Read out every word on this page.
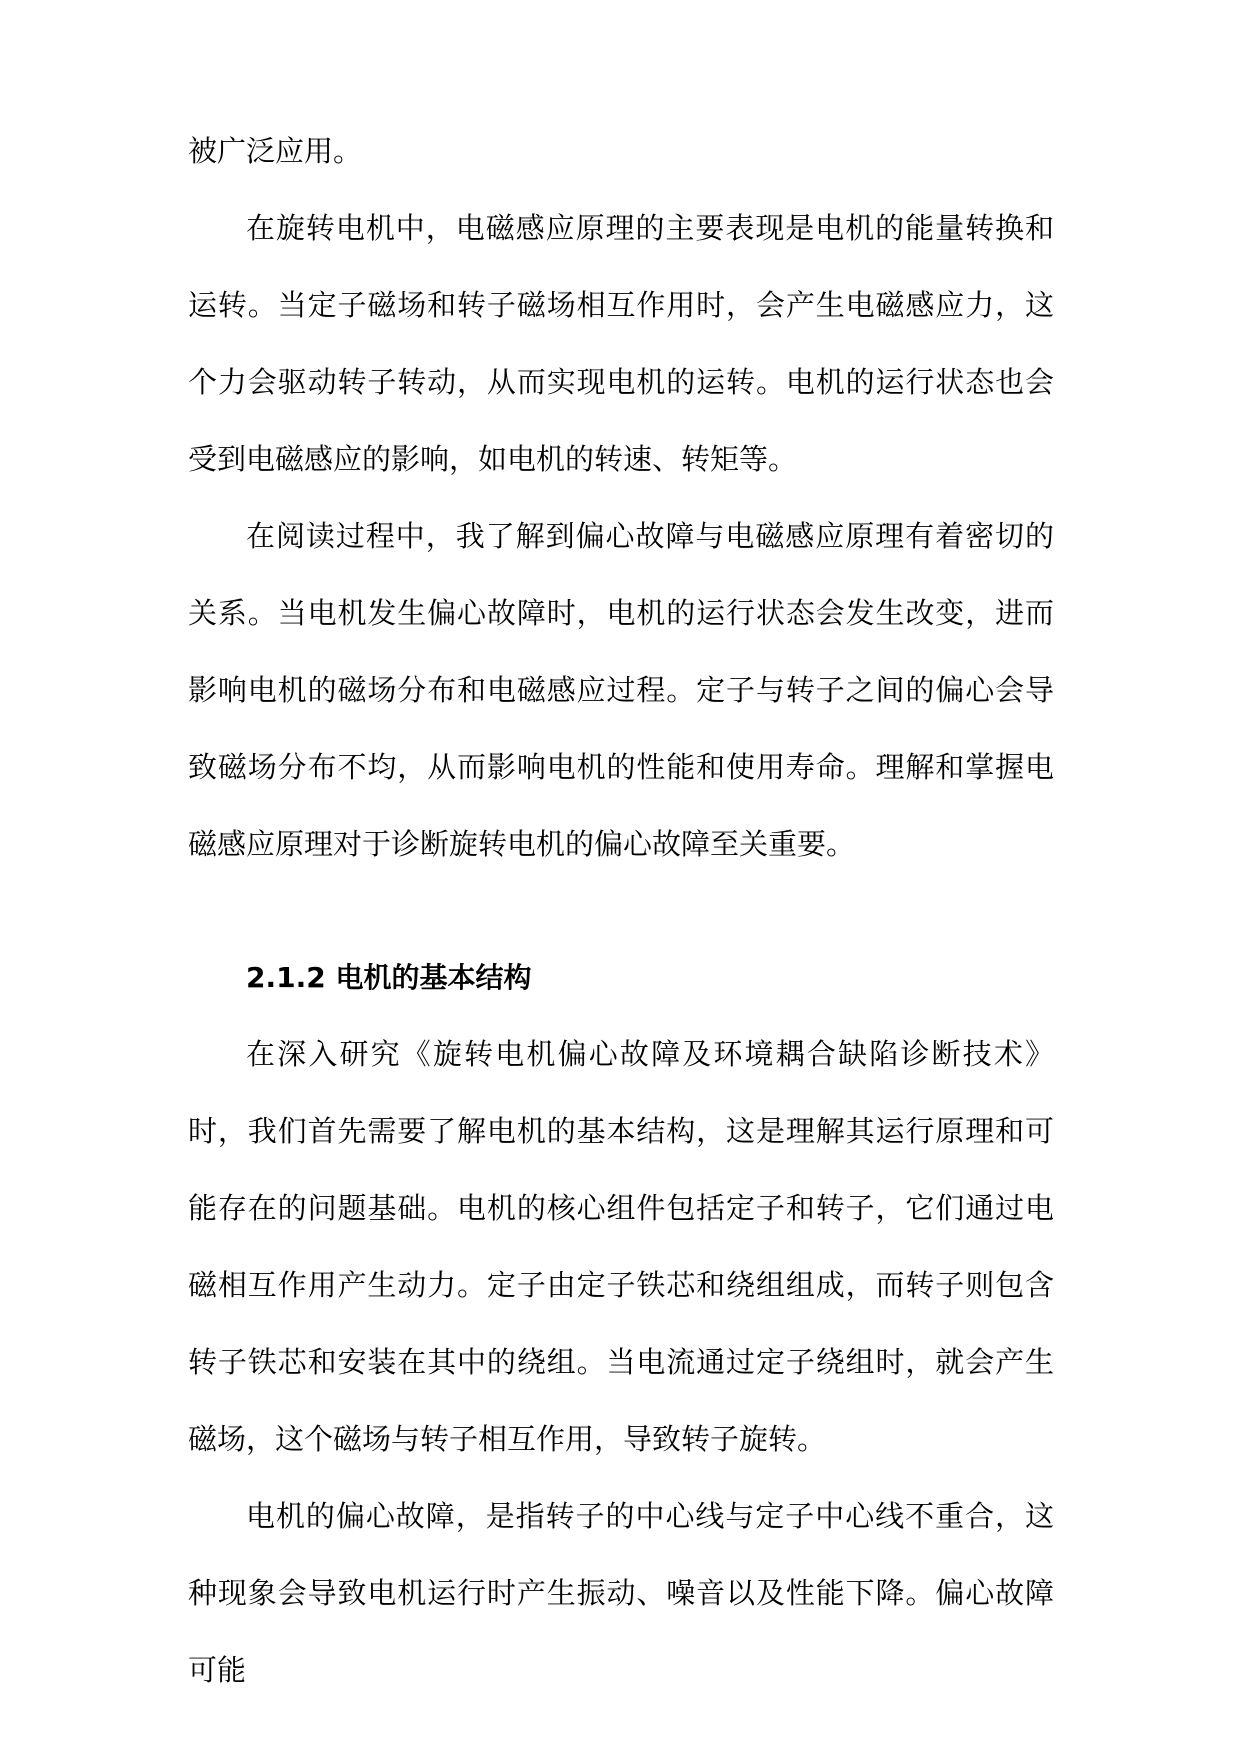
被广泛应用。

在旋转电机中，电磁感应原理的主要表现是电机的能量转换和运转。当定子磁场和转子磁场相互作用时，会产生电磁感应力，这个力会驱动转子转动，从而实现电机的运转。电机的运行状态也会受到电磁感应的影响，如电机的转速、转矩等。

在阅读过程中，我了解到偏心故障与电磁感应原理有着密切的关系。当电机发生偏心故障时，电机的运行状态会发生改变，进而影响电机的磁场分布和电磁感应过程。定子与转子之间的偏心会导致磁场分布不均，从而影响电机的性能和使用寿命。理解和掌握电磁感应原理对于诊断旋转电机的偏心故障至关重要。

2.1.2 电机的基本结构

在深入研究《旋转电机偏心故障及环境耦合缺陷诊断技术》时，我们首先需要了解电机的基本结构，这是理解其运行原理和可能存在的问题基础。电机的核心组件包括定子和转子，它们通过电磁相互作用产生动力。定子由定子铁芯和绕组组成，而转子则包含转子铁芯和安装在其中的绕组。当电流通过定子绕组时，就会产生磁场，这个磁场与转子相互作用，导致转子旋转。

电机的偏心故障，是指转子的中心线与定子中心线不重合，这种现象会导致电机运行时产生振动、噪音以及性能下降。偏心故障可能
